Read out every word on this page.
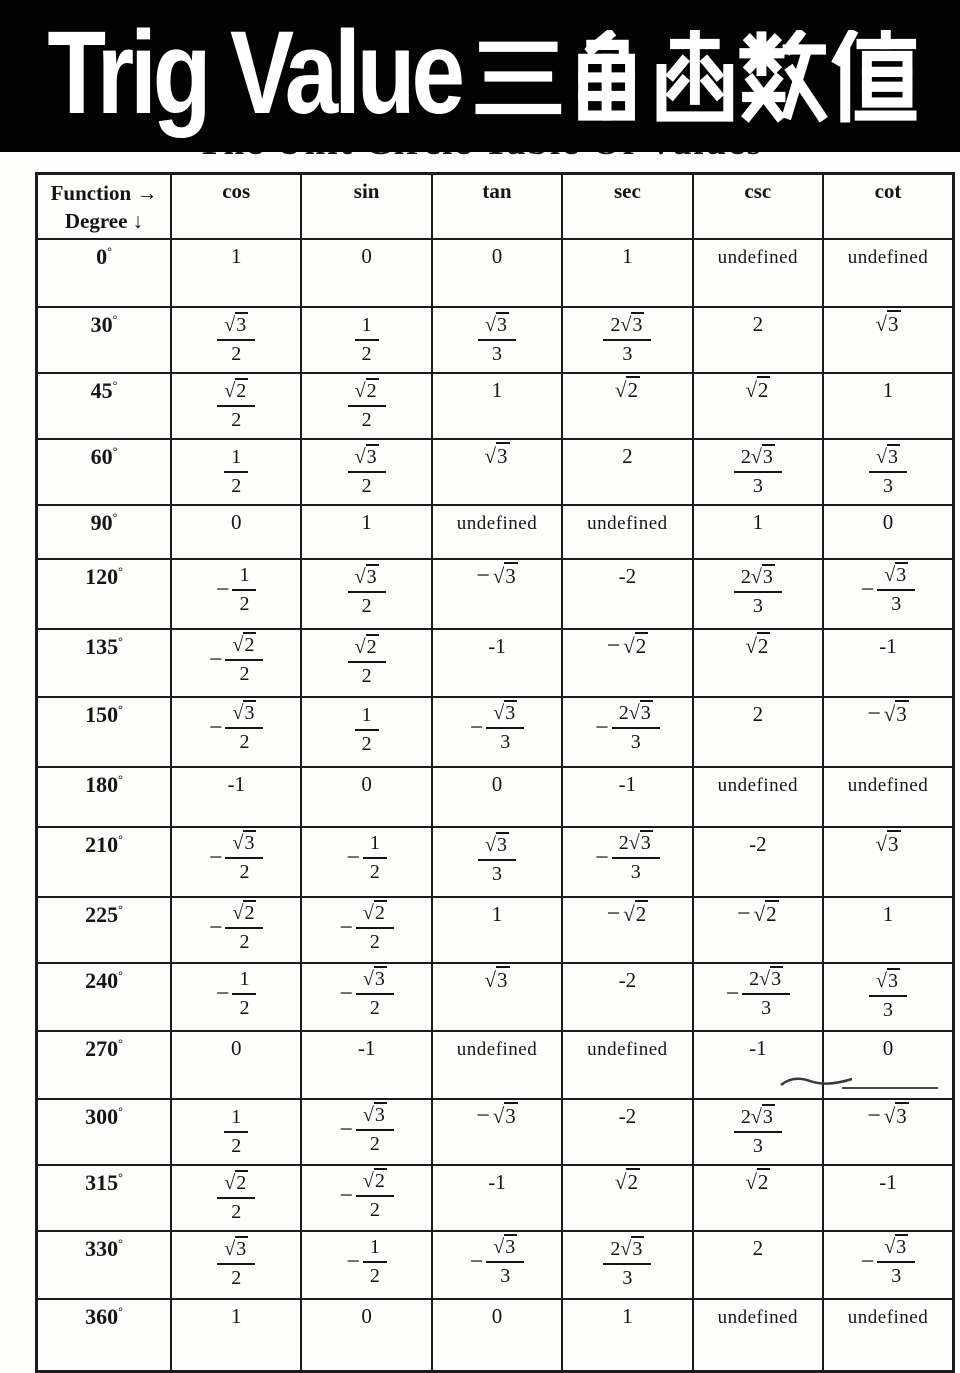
Trig Value
Function →
Degree ↓	cos	sin	tan	sec	csc	cot
0°	1	0	0	1	undefined	undefined
30°	$\frac{√3}{2}$	$\frac{1}{2}$	$\frac{√3}{3}$	$\frac{2√3}{3}$	2	√3
45°	$\frac{√2}{2}$	$\frac{√2}{2}$	1	√2	√2	1
60°	$\frac{1}{2}$	$\frac{√3}{2}$	√3	2	$\frac{2√3}{3}$	$\frac{√3}{3}$

90°	0	1	undefined	undefined	1	0
120°	− $\frac{1}{2}$	$\frac{√3}{2}$	− √3	-2	$\frac{2√3}{3}$	− $\frac{√3}{3}$

135°	− $\frac{√2}{2}$	$\frac{√2}{2}$	-1	− √2	√2	-1
150°	− $\frac{√3}{2}$	$\frac{1}{2}$	− $\frac{√3}{3}$	− $\frac{2√3}{3}$	2	− √3
180°	-1	0	0	-1	undefined	undefined
210°	− $\frac{√3}{2}$	− $\frac{1}{2}$	$\frac{√3}{3}$	− $\frac{2√3}{3}$	-2	√3
225°	− $\frac{√2}{2}$	− $\frac{√2}{2}$	1	− √2	− √2	1
240°	− $\frac{1}{2}$	− $\frac{√3}{2}$	√3	-2	− $\frac{2√3}{3}$	$\frac{√3}{3}$

270°	0	-1	undefined	undefined	-1	0
300°	$\frac{1}{2}$	− $\frac{√3}{2}$	− √3	-2	$\frac{2√3}{3}$	− √3
315°	$\frac{√2}{2}$	− $\frac{√2}{2}$	-1	√2	√2	-1
330°	$\frac{√3}{2}$	− $\frac{1}{2}$	− $\frac{√3}{3}$	$\frac{2√3}{3}$	2	− $\frac{√3}{3}$

360°	1	0	0	1	undefined	undefined
